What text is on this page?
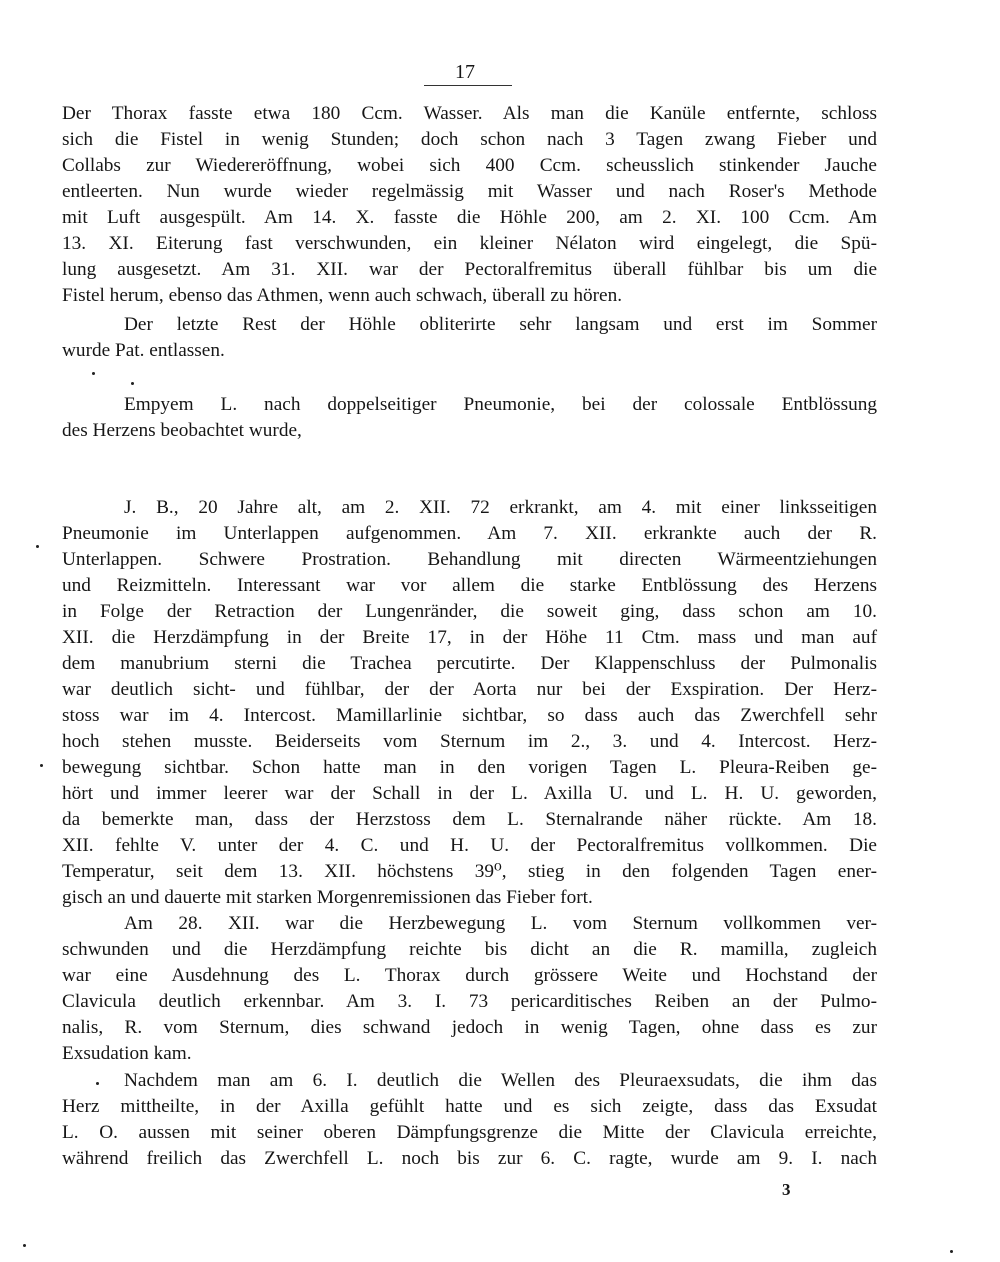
17
Der Thorax fasste etwa 180 Ccm. Wasser. Als man die Kanüle entfernte, schloss
sich die Fistel in wenig Stunden; doch schon nach 3 Tagen zwang Fieber und
Collabs zur Wiedereröffnung, wobei sich 400 Ccm. scheusslich stinkender Jauche
entleerten. Nun wurde wieder regelmässig mit Wasser und nach Roser's Methode
mit Luft ausgespült. Am 14. X. fasste die Höhle 200, am 2. XI. 100 Ccm. Am
13. XI. Eiterung fast verschwunden, ein kleiner Nélaton wird eingelegt, die Spü-
lung ausgesetzt. Am 31. XII. war der Pectoralfremitus überall fühlbar bis um die
Fistel herum, ebenso das Athmen, wenn auch schwach, überall zu hören.
Der letzte Rest der Höhle obliterirte sehr langsam und erst im Sommer
wurde Pat. entlassen.
Empyem L. nach doppelseitiger Pneumonie, bei der colossale Entblössung
des Herzens beobachtet wurde,
J. B., 20 Jahre alt, am 2. XII. 72 erkrankt, am 4. mit einer linksseitigen
Pneumonie im Unterlappen aufgenommen. Am 7. XII. erkrankte auch der R.
Unterlappen. Schwere Prostration. Behandlung mit directen Wärmeentziehungen
und Reizmitteln. Interessant war vor allem die starke Entblössung des Herzens
in Folge der Retraction der Lungenränder, die soweit ging, dass schon am 10.
XII. die Herzdämpfung in der Breite 17, in der Höhe 11 Ctm. mass und man auf
dem manubrium sterni die Trachea percutirte. Der Klappenschluss der Pulmonalis
war deutlich sicht- und fühlbar, der der Aorta nur bei der Exspiration. Der Herz-
stoss war im 4. Intercost. Mamillarlinie sichtbar, so dass auch das Zwerchfell sehr
hoch stehen musste. Beiderseits vom Sternum im 2., 3. und 4. Intercost. Herz-
bewegung sichtbar. Schon hatte man in den vorigen Tagen L. Pleura-Reiben ge-
hört und immer leerer war der Schall in der L. Axilla U. und L. H. U. geworden,
da bemerkte man, dass der Herzstoss dem L. Sternalrande näher rückte. Am 18.
XII. fehlte V. unter der 4. C. und H. U. der Pectoralfremitus vollkommen. Die
Temperatur, seit dem 13. XII. höchstens 39⁰, stieg in den folgenden Tagen ener-
gisch an und dauerte mit starken Morgenremissionen das Fieber fort.
Am 28. XII. war die Herzbewegung L. vom Sternum vollkommen ver-
schwunden und die Herzdämpfung reichte bis dicht an die R. mamilla, zugleich
war eine Ausdehnung des L. Thorax durch grössere Weite und Hochstand der
Clavicula deutlich erkennbar. Am 3. I. 73 pericarditisches Reiben an der Pulmo-
nalis, R. vom Sternum, dies schwand jedoch in wenig Tagen, ohne dass es zur
Exsudation kam.
Nachdem man am 6. I. deutlich die Wellen des Pleuraexsudats, die ihm das
Herz mittheilte, in der Axilla gefühlt hatte und es sich zeigte, dass das Exsudat
L. O. aussen mit seiner oberen Dämpfungsgrenze die Mitte der Clavicula erreichte,
während freilich das Zwerchfell L. noch bis zur 6. C. ragte, wurde am 9. I. nach
3
